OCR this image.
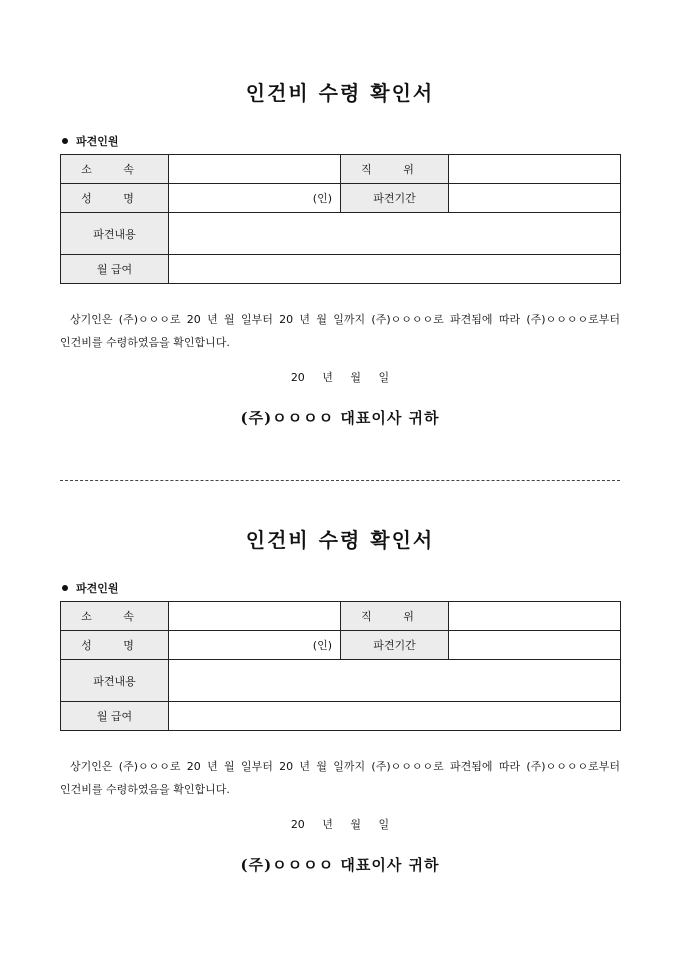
인건비 수령 확인서
파견인원
소 속		직 위	
성 명	(인)	파견기간	
파견내용			
월 급여			

상기인은 (주)ㅇㅇㅇ로 20 년 월 일부터 20 년 월 일까지 (주)ㅇㅇㅇㅇ로 파견됨에 따라 (주)ㅇㅇㅇㅇ로부터 인건비를 수령하였음을 확인합니다.

20 년 월 일
(주)ㅇㅇㅇㅇ 대표이사 귀하
인건비 수령 확인서
파견인원
소 속		직 위	
성 명	(인)	파견기간	
파견내용			
월 급여			

상기인은 (주)ㅇㅇㅇ로 20 년 월 일부터 20 년 월 일까지 (주)ㅇㅇㅇㅇ로 파견됨에 따라 (주)ㅇㅇㅇㅇ로부터 인건비를 수령하였음을 확인합니다.

20 년 월 일
(주)ㅇㅇㅇㅇ 대표이사 귀하
